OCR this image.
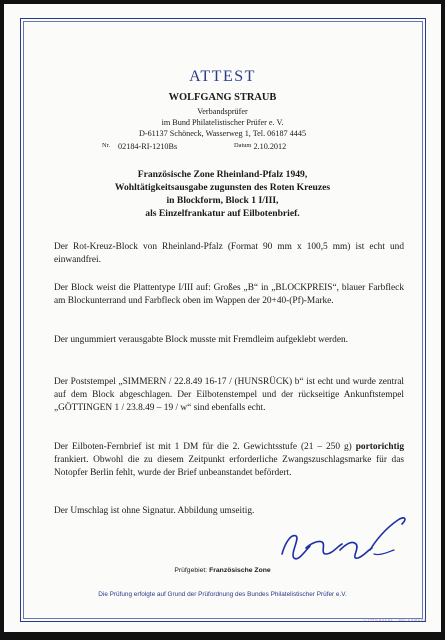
ATTEST
WOLFGANG STRAUB
Verbandsprüfer
im Bund Philatelistischer Prüfer e. V.
D-61137 Schöneck, Wasserweg 1, Tel. 06187 4445
$^{Nr.}$ 02184-RI-1210Bs	$^{Datum}$ 2.10.2012
Französische Zone Rheinland-Pfalz 1949,
Wohltätigkeitsausgabe zugunsten des Roten Kreuzes
in Blockform, Block 1 I/III,
als Einzelfrankatur auf Eilbotenbrief.
Der Rot-Kreuz-Block von Rheinland-Pfalz (Format 90 mm x 100,5 mm) ist echt und einwandfrei.
Der Block weist die Plattentype I/III auf: Großes „B“ in „BLOCKPREIS“, blauer Farbfleck am Blockunterrand und Farbfleck oben im Wappen der 20+40-(Pf)-Marke.
Der ungummiert verausgabte Block musste mit Fremdleim aufgeklebt werden.
Der Poststempel „SIMMERN / 22.8.49 16-17 / (HUNSRÜCK) b“ ist echt und wurde zentral auf dem Block abgeschlagen. Der Eilbotenstempel und der rückseitige Ankunftstempel „GÖTTINGEN 1 / 23.8.49 – 19 / w“ sind ebenfalls echt.
Der Eilboten-Fernbrief ist mit 1 DM für die 2. Gewichtsstufe (21 – 250 g) portorichtig frankiert. Obwohl die zu diesem Zeitpunkt erforderliche Zwangszuschlagsmarke für das Notopfer Berlin fehlt, wurde der Brief unbeanstandet befördert.
Der Umschlag ist ohne Signatur. Abbildung umseitig.
Prüfgebiet: Französische Zone
Die Prüfung erfolgte auf Grund der Prüfordnung des Bundes Philatelistischer Prüfer e.V.
© PHILASEAL · WATERMARK
